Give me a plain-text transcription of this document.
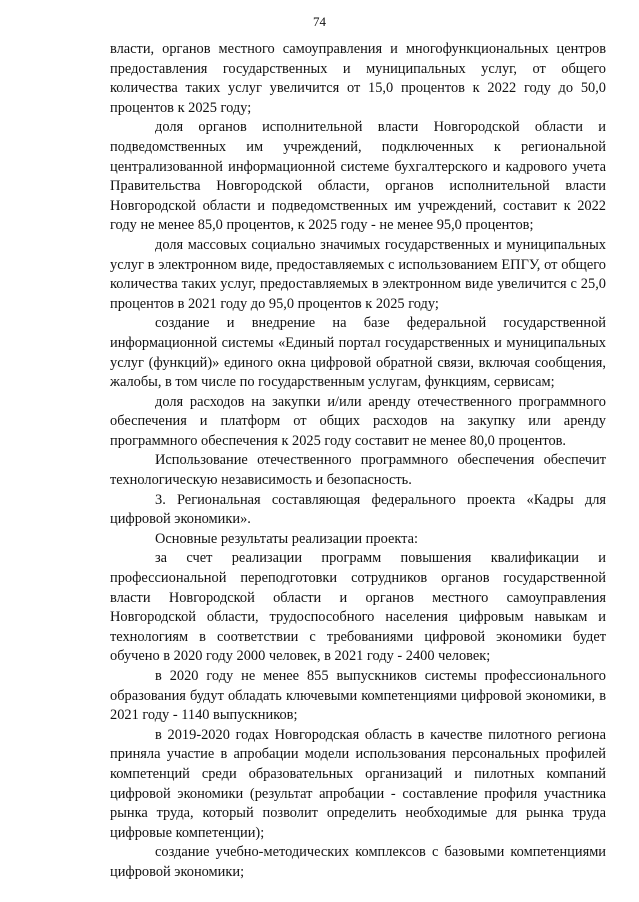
74

власти, органов местного самоуправления и многофункциональных центров предоставления государственных и муниципальных услуг, от общего количества таких услуг увеличится от 15,0 процентов к 2022 году до 50,0 процентов к 2025 году;

доля органов исполнительной власти Новгородской области и подведомственных им учреждений, подключенных к региональной централизованной информационной системе бухгалтерского и кадрового учета Правительства Новгородской области, органов исполнительной власти Новгородской области и подведомственных им учреждений, составит к 2022 году не менее 85,0 процентов, к 2025 году - не менее 95,0 процентов;

доля массовых социально значимых государственных и муниципальных услуг в электронном виде, предоставляемых с использованием ЕПГУ, от общего количества таких услуг, предоставляемых в электронном виде увеличится с 25,0 процентов в 2021 году до 95,0 процентов к 2025 году;

создание и внедрение на базе федеральной государственной информационной системы «Единый портал государственных и муниципальных услуг (функций)» единого окна цифровой обратной связи, включая сообщения, жалобы, в том числе по государственным услугам, функциям, сервисам;

доля расходов на закупки и/или аренду отечественного программного обеспечения и платформ от общих расходов на закупку или аренду программного обеспечения к 2025 году составит не менее 80,0 процентов.

Использование отечественного программного обеспечения обеспечит технологическую независимость и безопасность.

3. Региональная составляющая федерального проекта «Кадры для цифровой экономики».

Основные результаты реализации проекта:

за счет реализации программ повышения квалификации и профессиональной переподготовки сотрудников органов государственной власти Новгородской области и органов местного самоуправления Новгородской области, трудоспособного населения цифровым навыкам и технологиям в соответствии с требованиями цифровой экономики будет обучено в 2020 году 2000 человек, в 2021 году - 2400 человек;

в 2020 году не менее 855 выпускников системы профессионального образования будут обладать ключевыми компетенциями цифровой экономики, в 2021 году - 1140 выпускников;

в 2019-2020 годах Новгородская область в качестве пилотного региона приняла участие в апробации модели использования персональных профилей компетенций среди образовательных организаций и пилотных компаний цифровой экономики (результат апробации - составление профиля участника рынка труда, который позволит определить необходимые для рынка труда цифровые компетенции);

создание учебно-методических комплексов с базовыми компетенциями цифровой экономики;
